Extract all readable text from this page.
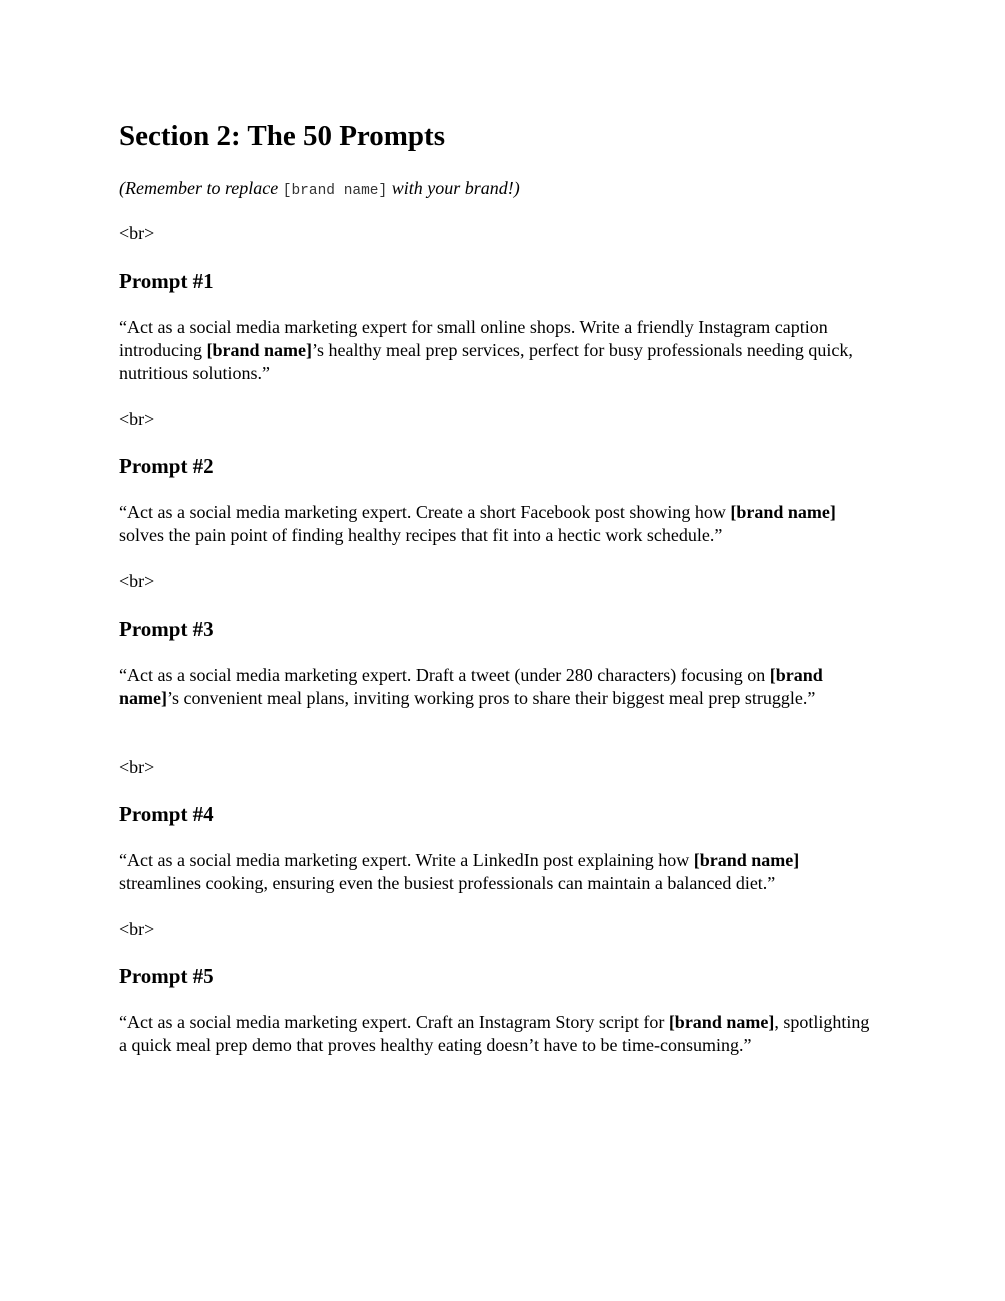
Section 2: The 50 Prompts

(Remember to replace [brand name] with your brand!)

<br>

Prompt #1

“Act as a social media marketing expert for small online shops. Write a friendly Instagram caption introducing [brand name]’s healthy meal prep services, perfect for busy professionals needing quick, nutritious solutions.”

<br>

Prompt #2

“Act as a social media marketing expert. Create a short Facebook post showing how [brand name] solves the pain point of finding healthy recipes that fit into a hectic work schedule.”

<br>

Prompt #3

“Act as a social media marketing expert. Draft a tweet (under 280 characters) focusing on [brand name]’s convenient meal plans, inviting working pros to share their biggest meal prep struggle.”

<br>

Prompt #4

“Act as a social media marketing expert. Write a LinkedIn post explaining how [brand name] streamlines cooking, ensuring even the busiest professionals can maintain a balanced diet.”

<br>

Prompt #5

“Act as a social media marketing expert. Craft an Instagram Story script for [brand name], spotlighting a quick meal prep demo that proves healthy eating doesn’t have to be time-consuming.”
